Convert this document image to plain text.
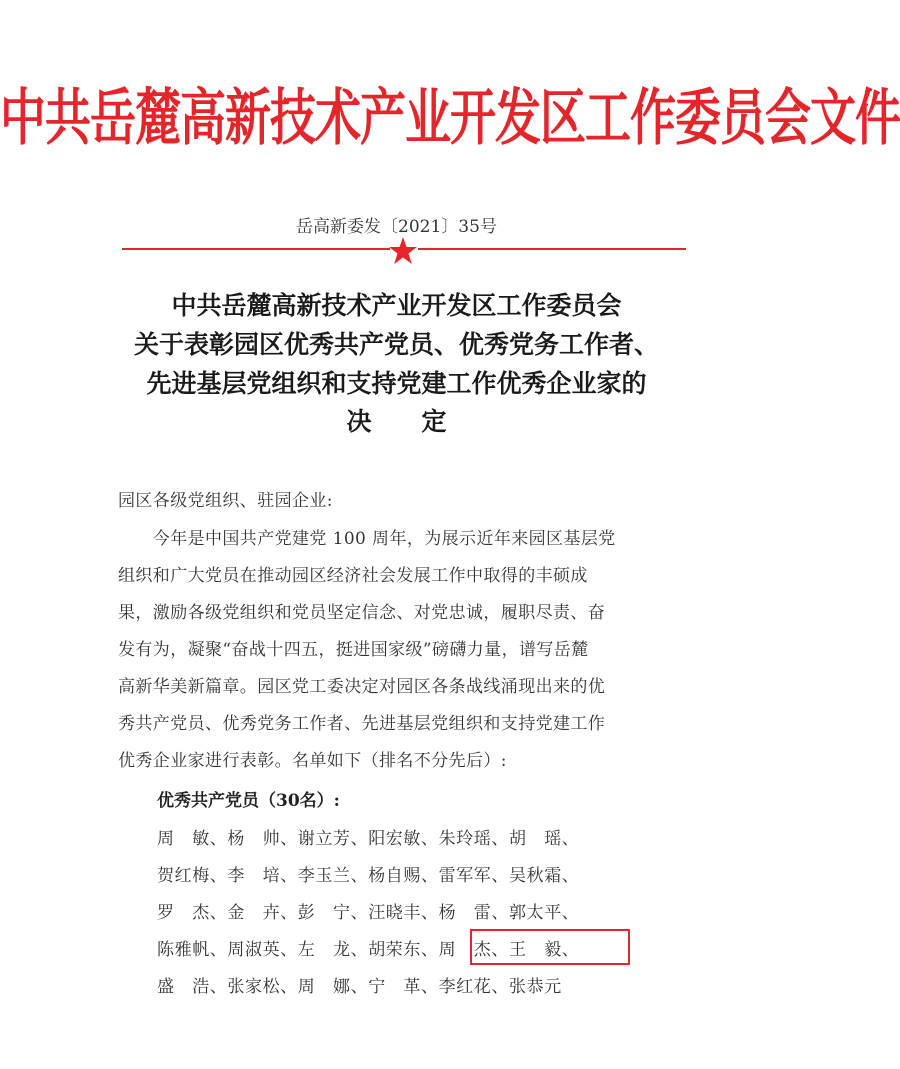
中共岳麓高新技术产业开发区工作委员会文件
岳高新委发〔2021〕35号
中共岳麓高新技术产业开发区工作委员会
关于表彰园区优秀共产党员、优秀党务工作者、
先进基层党组织和支持党建工作优秀企业家的
决　　定
园区各级党组织、驻园企业:
　　今年是中国共产党建党 100 周年，为展示近年来园区基层党
组织和广大党员在推动园区经济社会发展工作中取得的丰硕成
果，激励各级党组织和党员坚定信念、对党忠诚，履职尽责、奋
发有为，凝聚“奋战十四五，挺进国家级”磅礴力量，谱写岳麓
高新华美新篇章。园区党工委决定对园区各条战线涌现出来的优
秀共产党员、优秀党务工作者、先进基层党组织和支持党建工作
优秀企业家进行表彰。名单如下（排名不分先后）:
优秀共产党员（30名）:
周　敏、杨　帅、谢立芳、阳宏敏、朱玲瑶、胡　瑶、
贺红梅、李　培、李玉兰、杨自赐、雷军军、吴秋霜、
罗　杰、金　卉、彭　宁、汪晓丰、杨　雷、郭太平、
陈雅帆、周淑英、左　龙、胡荣东、周　杰、王　毅、
盛　浩、张家松、周　娜、宁　革、李红花、张恭元
